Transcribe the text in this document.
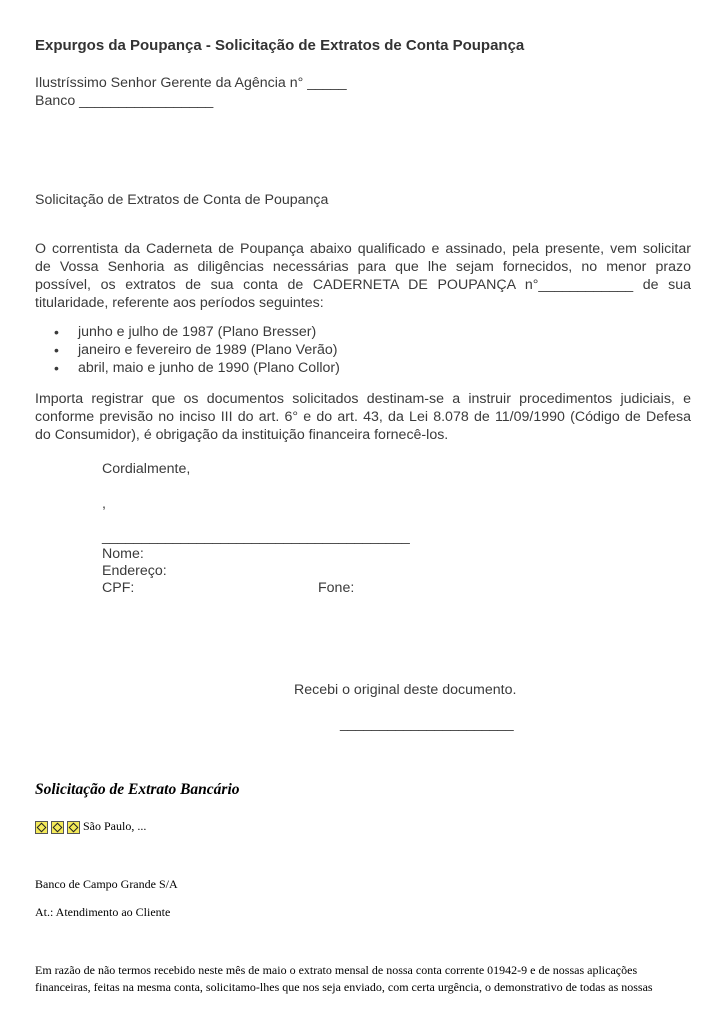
Expurgos da Poupança - Solicitação de Extratos de Conta Poupança
Ilustríssimo Senhor Gerente da Agência n° _____
Banco _________________
Solicitação de Extratos de Conta de Poupança
O correntista da Caderneta de Poupança abaixo qualificado e assinado, pela presente, vem solicitar
de Vossa Senhoria as diligências necessárias para que lhe sejam fornecidos, no menor prazo
possível, os extratos de sua conta de CADERNETA DE POUPANÇA n°____________ de sua
titularidade, referente aos períodos seguintes:
• junho e julho de 1987 (Plano Bresser)
• janeiro e fevereiro de 1989 (Plano Verão)
• abril, maio e junho de 1990 (Plano Collor)
Importa registrar que os documentos solicitados destinam-se a instruir procedimentos judiciais, e
conforme previsão no inciso III do art. 6° e do art. 43, da Lei 8.078 de 11/09/1990 (Código de Defesa
do Consumidor), é obrigação da instituição financeira fornecê-los.
Cordialmente,
,
_______________________________________
Nome:
Endereço:
CPF:	Fone:
Recebi o original deste documento.
______________________
Solicitação de Extrato Bancário
São Paulo, ...
Banco de Campo Grande S/A
At.: Atendimento ao Cliente
Em razão de não termos recebido neste mês de maio o extrato mensal de nossa conta corrente 01942-9 e de nossas aplicações
financeiras, feitas na mesma conta, solicitamo-lhes que nos seja enviado, com certa urgência, o demonstrativo de todas as nossas
